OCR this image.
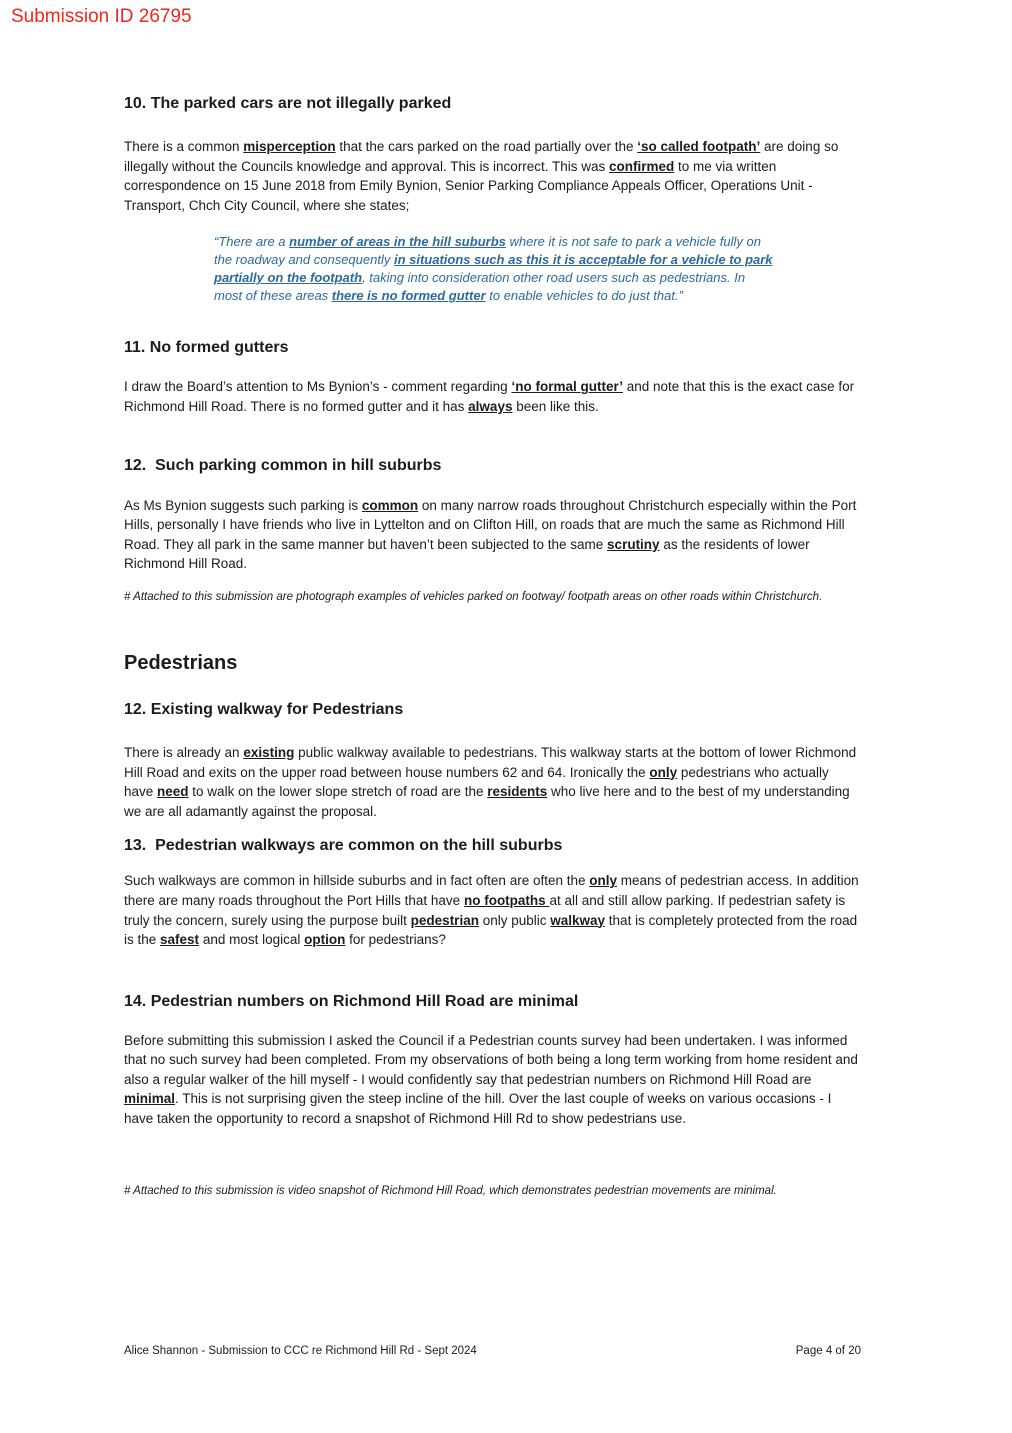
Submission ID 26795
10. The parked cars are not illegally parked

There is a common misperception that the cars parked on the road partially over the ‘so called footpath’ are doing so illegally without the Councils knowledge and approval. This is incorrect. This was confirmed to me via written correspondence on 15 June 2018 from Emily Bynion, Senior Parking Compliance Appeals Officer, Operations Unit - Transport, Chch City Council, where she states;

“There are a number of areas in the hill suburbs where it is not safe to park a vehicle fully on the roadway and consequently in situations such as this it is acceptable for a vehicle to park partially on the footpath, taking into consideration other road users such as pedestrians. In most of these areas there is no formed gutter to enable vehicles to do just that.”
11. No formed gutters

I draw the Board’s attention to Ms Bynion’s - comment regarding ‘no formal gutter’ and note that this is the exact case for Richmond Hill Road. There is no formed gutter and it has always been like this.

12.  Such parking common in hill suburbs

As Ms Bynion suggests such parking is common on many narrow roads throughout Christchurch especially within the Port Hills, personally I have friends who live in Lyttelton and on Clifton Hill, on roads that are much the same as Richmond Hill Road. They all park in the same manner but haven’t been subjected to the same scrutiny as the residents of lower Richmond Hill Road.

# Attached to this submission are photograph examples of vehicles parked on footway/ footpath areas on other roads within Christchurch.

Pedestrians
12. Existing walkway for Pedestrians

There is already an existing public walkway available to pedestrians. This walkway starts at the bottom of lower Richmond Hill Road and exits on the upper road between house numbers 62 and 64. Ironically the only pedestrians who actually have need to walk on the lower slope stretch of road are the residents who live here and to the best of my understanding we are all adamantly against the proposal.

13.  Pedestrian walkways are common on the hill suburbs

Such walkways are common in hillside suburbs and in fact often are often the only means of pedestrian access. In addition there are many roads throughout the Port Hills that have no footpaths at all and still allow parking. If pedestrian safety is truly the concern, surely using the purpose built pedestrian only public walkway that is completely protected from the road is the safest and most logical option for pedestrians?

14. Pedestrian numbers on Richmond Hill Road are minimal

Before submitting this submission I asked the Council if a Pedestrian counts survey had been undertaken. I was informed that no such survey had been completed. From my observations of both being a long term working from home resident and also a regular walker of the hill myself - I would confidently say that pedestrian numbers on Richmond Hill Road are minimal. This is not surprising given the steep incline of the hill. Over the last couple of weeks on various occasions - I have taken the opportunity to record a snapshot of Richmond Hill Rd to show pedestrians use.

# Attached to this submission is video snapshot of Richmond Hill Road, which demonstrates pedestrian movements are minimal.

Alice Shannon - Submission to CCC re Richmond Hill Rd - Sept 2024	Page 4 of 20
